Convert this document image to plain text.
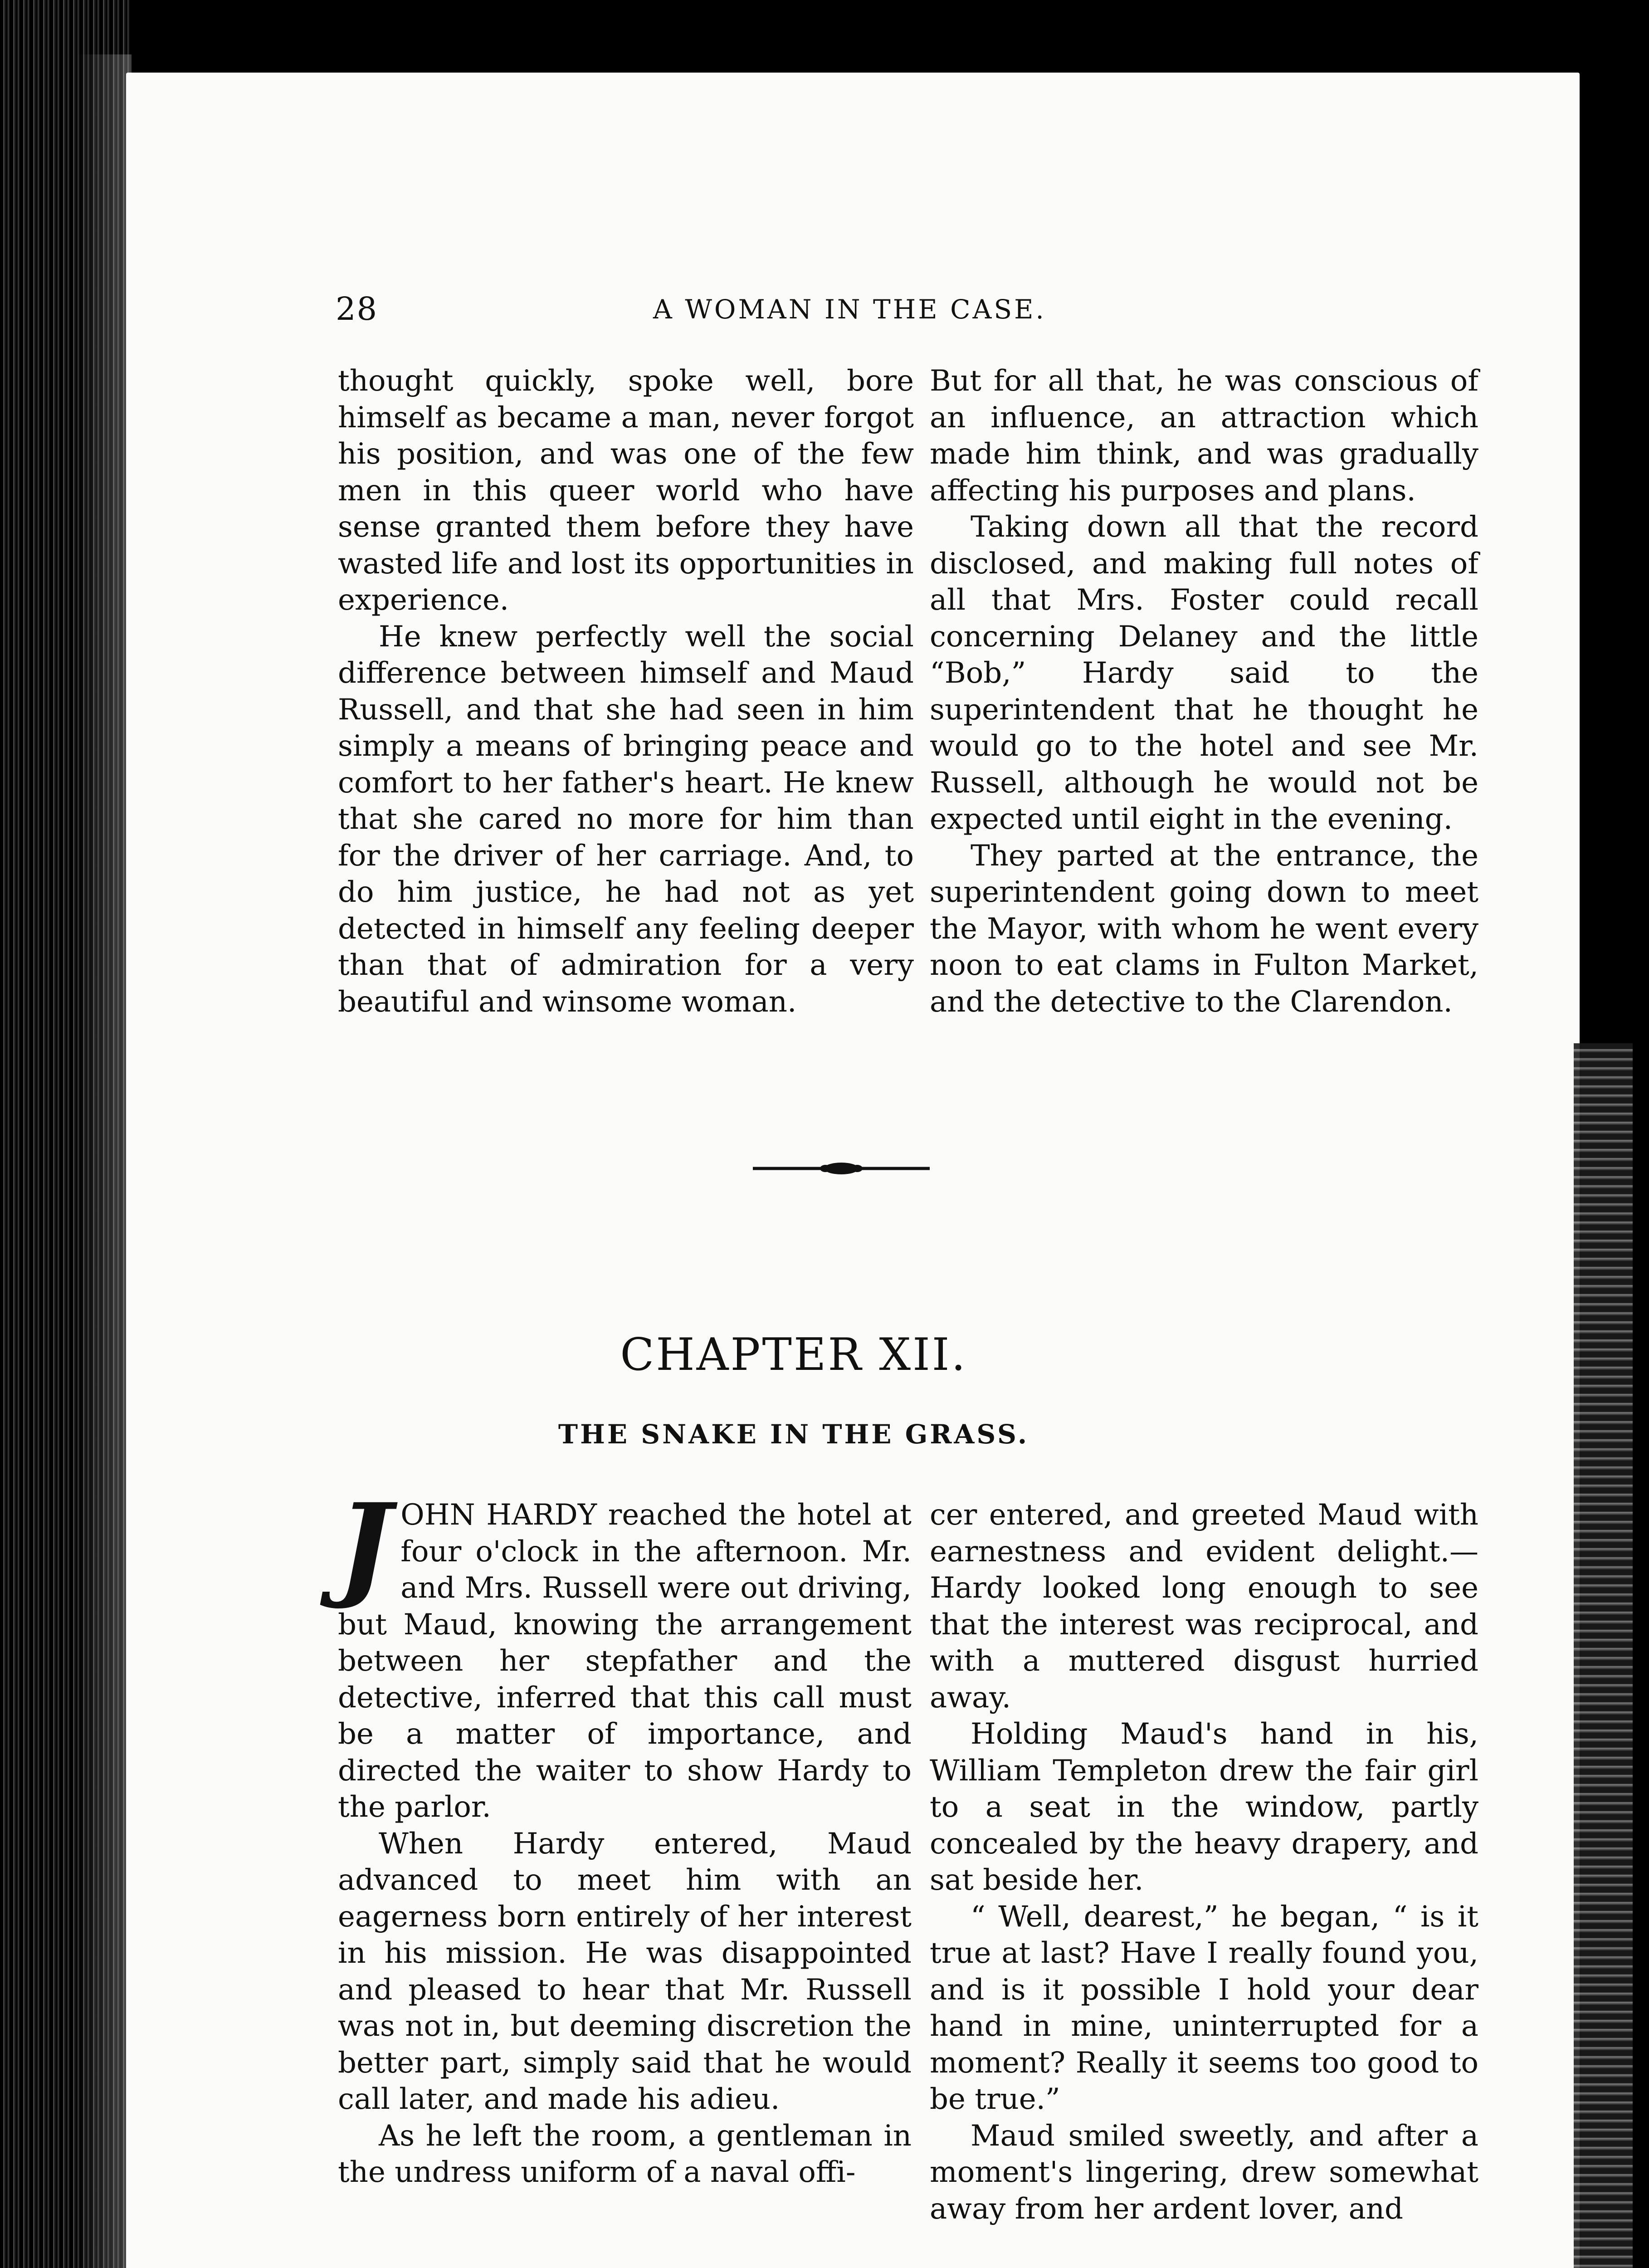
28	A WOMAN IN THE CASE.

thought quickly, spoke well, bore himself as became a man, never forgot his position, and was one of the few men in this queer world who have sense granted them before they have wasted life and lost its opportunities in experience.

He knew perfectly well the social difference between himself and Maud Russell, and that she had seen in him simply a means of bringing peace and comfort to her father's heart. He knew that she cared no more for him than for the driver of her carriage. And, to do him justice, he had not as yet detected in himself any feeling deeper than that of admiration for a very beautiful and winsome woman.

But for all that, he was conscious of an influence, an attraction which made him think, and was gradually affecting his purposes and plans.

Taking down all that the record disclosed, and making full notes of all that Mrs. Foster could recall concerning Delaney and the little “Bob,” Hardy said to the superintendent that he thought he would go to the hotel and see Mr. Russell, although he would not be expected until eight in the evening.

They parted at the entrance, the superintendent going down to meet the Mayor, with whom he went every noon to eat clams in Fulton Market, and the detective to the Clarendon.

CHAPTER XII.
THE SNAKE IN THE GRASS.

JOHN HARDY reached the hotel at four o'clock in the afternoon. Mr. and Mrs. Russell were out driving, but Maud, knowing the arrangement between her stepfather and the detective, inferred that this call must be a matter of importance, and directed the waiter to show Hardy to the parlor.

When Hardy entered, Maud advanced to meet him with an eagerness born entirely of her interest in his mission. He was disappointed and pleased to hear that Mr. Russell was not in, but deeming discretion the better part, simply said that he would call later, and made his adieu.

As he left the room, a gentleman in the undress uniform of a naval offi-

cer entered, and greeted Maud with earnestness and evident delight.— Hardy looked long enough to see that the interest was reciprocal, and with a muttered disgust hurried away.

Holding Maud's hand in his, William Templeton drew the fair girl to a seat in the window, partly concealed by the heavy drapery, and sat beside her.

“ Well, dearest,” he began, “ is it true at last? Have I really found you, and is it possible I hold your dear hand in mine, uninterrupted for a moment? Really it seems too good to be true.”

Maud smiled sweetly, and after a moment's lingering, drew somewhat away from her ardent lover, and
